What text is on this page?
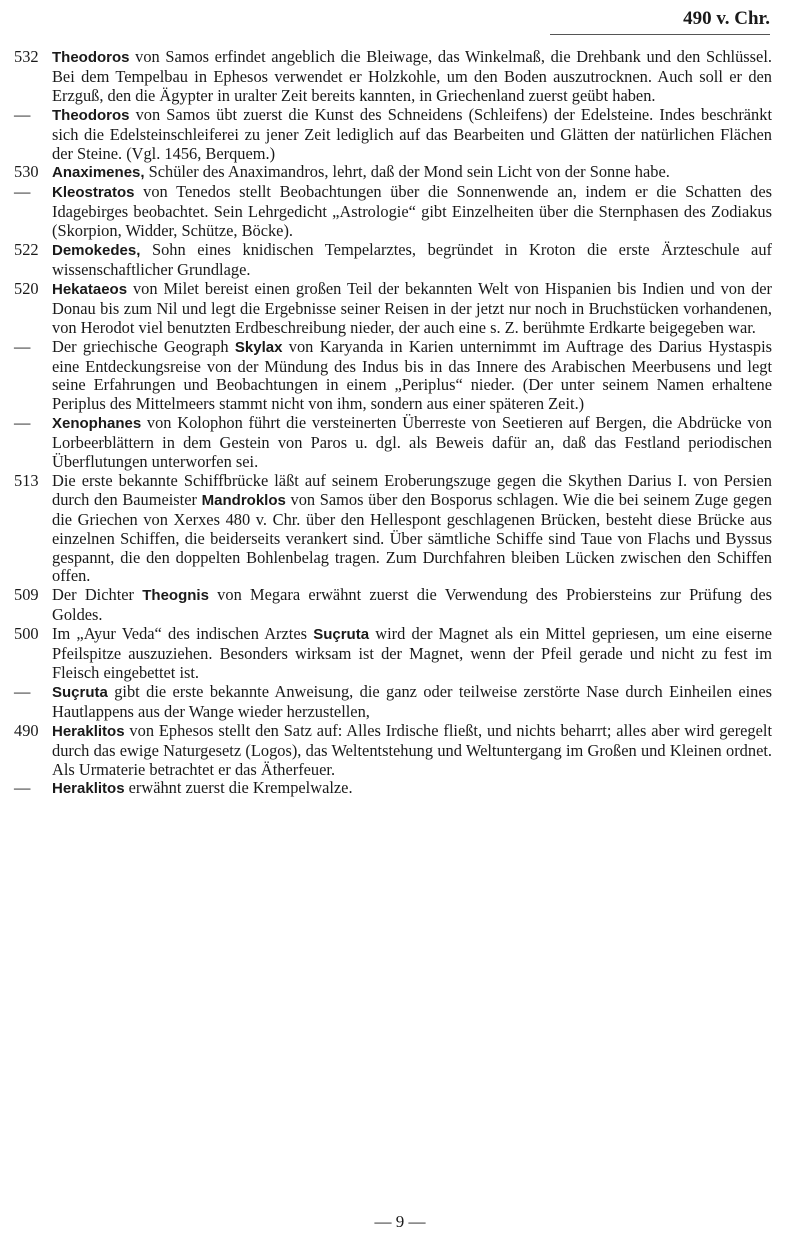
490 v. Chr.

532 Theodoros von Samos erfindet angeblich die Bleiwage, das Winkelmaß, die Drehbank und den Schlüssel. Bei dem Tempelbau in Ephesos verwendet er Holzkohle, um den Boden auszutrocknen. Auch soll er den Erzguß, den die Ägypter in uralter Zeit bereits kannten, in Griechenland zuerst geübt haben.

—	Theodoros von Samos übt zuerst die Kunst des Schneidens (Schleifens) der Edelsteine. Indes beschränkt sich die Edelsteinschleiferei zu jener Zeit lediglich auf das Bearbeiten und Glätten der natürlichen Flächen der Steine. (Vgl. 1456, Berquem.)

530 Anaximenes, Schüler des Anaximandros, lehrt, daß der Mond sein Licht von der Sonne habe.

—	Kleostratos von Tenedos stellt Beobachtungen über die Sonnenwende an, indem er die Schatten des Idagebirges beobachtet. Sein Lehrgedicht „Astrologie“ gibt Einzelheiten über die Sternphasen des Zodiakus (Skorpion, Widder, Schütze, Böcke).

522 Demokedes, Sohn eines knidischen Tempelarztes, begründet in Kroton die erste Ärzteschule auf wissenschaftlicher Grundlage.

520 Hekataeos von Milet bereist einen großen Teil der bekannten Welt von Hispanien bis Indien und von der Donau bis zum Nil und legt die Ergebnisse seiner Reisen in der jetzt nur noch in Bruchstücken vorhandenen, von Herodot viel benutzten Erdbeschreibung nieder, der auch eine s. Z. berühmte Erdkarte beigegeben war.

—	Der griechische Geograph Skylax von Karyanda in Karien unternimmt im Auftrage des Darius Hystaspis eine Entdeckungsreise von der Mündung des Indus bis in das Innere des Arabischen Meerbusens und legt seine Erfahrungen und Beobachtungen in einem „Periplus“ nieder. (Der unter seinem Namen erhaltene Periplus des Mittelmeers stammt nicht von ihm, sondern aus einer späteren Zeit.)

—	Xenophanes von Kolophon führt die versteinerten Überreste von Seetieren auf Bergen, die Abdrücke von Lorbeerblättern in dem Gestein von Paros u. dgl. als Beweis dafür an, daß das Festland periodischen Überflutungen unterworfen sei.

513 Die erste bekannte Schiffbrücke läßt auf seinem Eroberungszuge gegen die Skythen Darius I. von Persien durch den Baumeister Mandroklos von Samos über den Bosporus schlagen. Wie die bei seinem Zuge gegen die Griechen von Xerxes 480 v. Chr. über den Hellespont geschlagenen Brücken, besteht diese Brücke aus einzelnen Schiffen, die beiderseits verankert sind. Über sämtliche Schiffe sind Taue von Flachs und Byssus gespannt, die den doppelten Bohlenbelag tragen. Zum Durchfahren bleiben Lücken zwischen den Schiffen offen.

509 Der Dichter Theognis von Megara erwähnt zuerst die Verwendung des Probiersteins zur Prüfung des Goldes.

500 Im „Ayur Veda“ des indischen Arztes Suçruta wird der Magnet als ein Mittel gepriesen, um eine eiserne Pfeilspitze auszuziehen. Besonders wirksam ist der Magnet, wenn der Pfeil gerade und nicht zu fest im Fleisch eingebettet ist.

—	Suçruta gibt die erste bekannte Anweisung, die ganz oder teilweise zerstörte Nase durch Einheilen eines Hautlappens aus der Wange wieder herzustellen,

490 Heraklitos von Ephesos stellt den Satz auf: Alles Irdische fließt, und nichts beharrt; alles aber wird geregelt durch das ewige Naturgesetz (Logos), das Weltentstehung und Weltuntergang im Großen und Kleinen ordnet. Als Urmaterie betrachtet er das Ätherfeuer.

—	Heraklitos erwähnt zuerst die Krempelwalze.

— 9 —
